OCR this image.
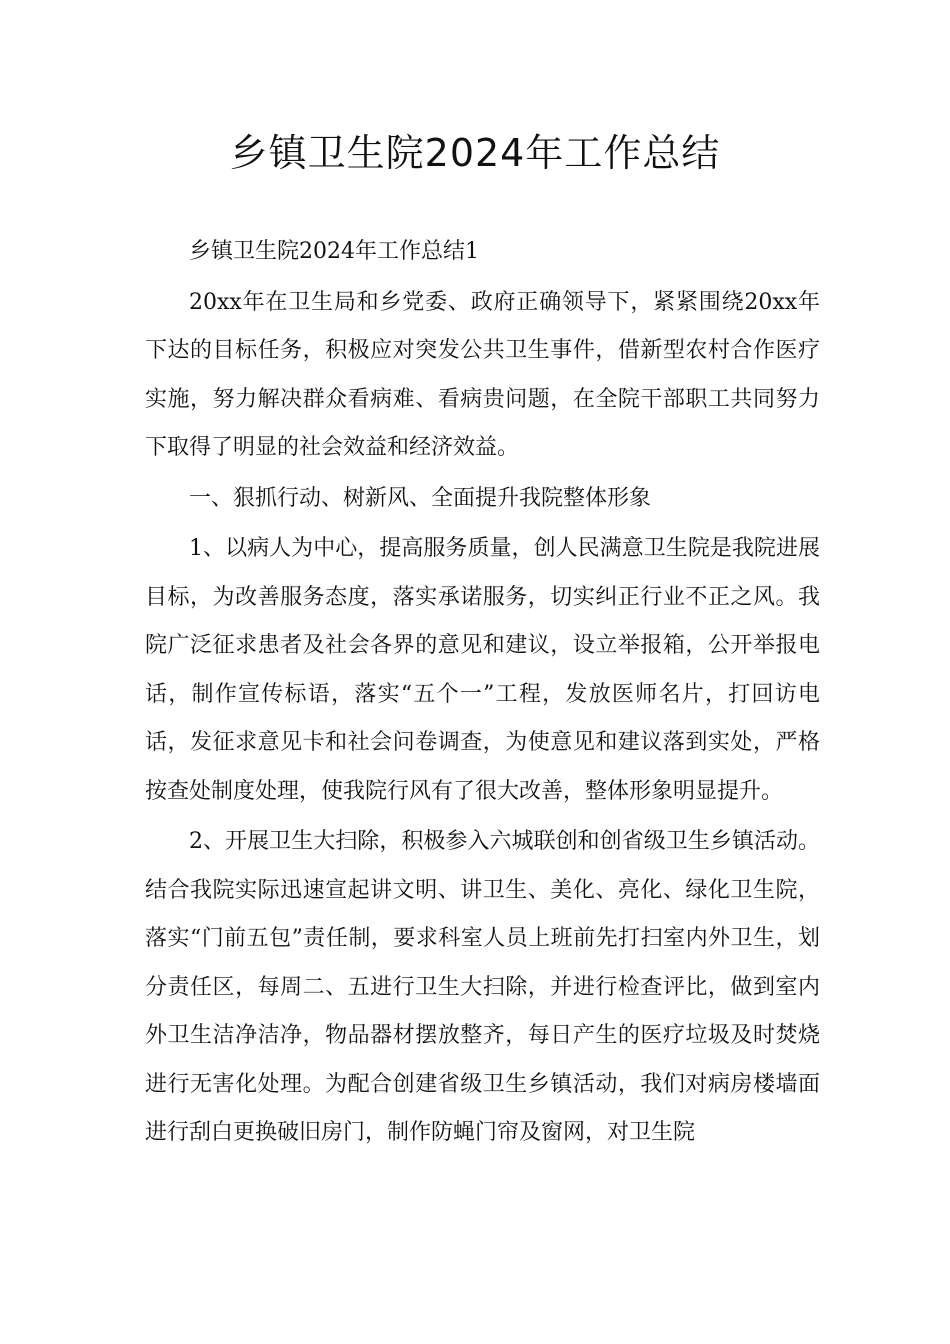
乡镇卫生院2024年工作总结

乡镇卫生院2024年工作总结1

20xx年在卫生局和乡党委、政府正确领导下，紧紧围绕20xx年下达的目标任务，积极应对突发公共卫生事件，借新型农村合作医疗实施，努力解决群众看病难、看病贵问题，在全院干部职工共同努力下取得了明显的社会效益和经济效益。

一、狠抓行动、树新风、全面提升我院整体形象

1、以病人为中心，提高服务质量，创人民满意卫生院是我院进展目标，为改善服务态度，落实承诺服务，切实纠正行业不正之风。我院广泛征求患者及社会各界的意见和建议，设立举报箱，公开举报电话，制作宣传标语，落实“五个一”工程，发放医师名片，打回访电话，发征求意见卡和社会问卷调查，为使意见和建议落到实处，严格按查处制度处理，使我院行风有了很大改善，整体形象明显提升。

2、开展卫生大扫除，积极参入六城联创和创省级卫生乡镇活动。结合我院实际迅速宣起讲文明、讲卫生、美化、亮化、绿化卫生院，落实“门前五包”责任制，要求科室人员上班前先打扫室内外卫生，划分责任区，每周二、五进行卫生大扫除，并进行检查评比，做到室内外卫生洁净洁净，物品器材摆放整齐，每日产生的医疗垃圾及时焚烧进行无害化处理。为配合创建省级卫生乡镇活动，我们对病房楼墙面进行刮白更换破旧房门，制作防蝇门帘及窗网，对卫生院
